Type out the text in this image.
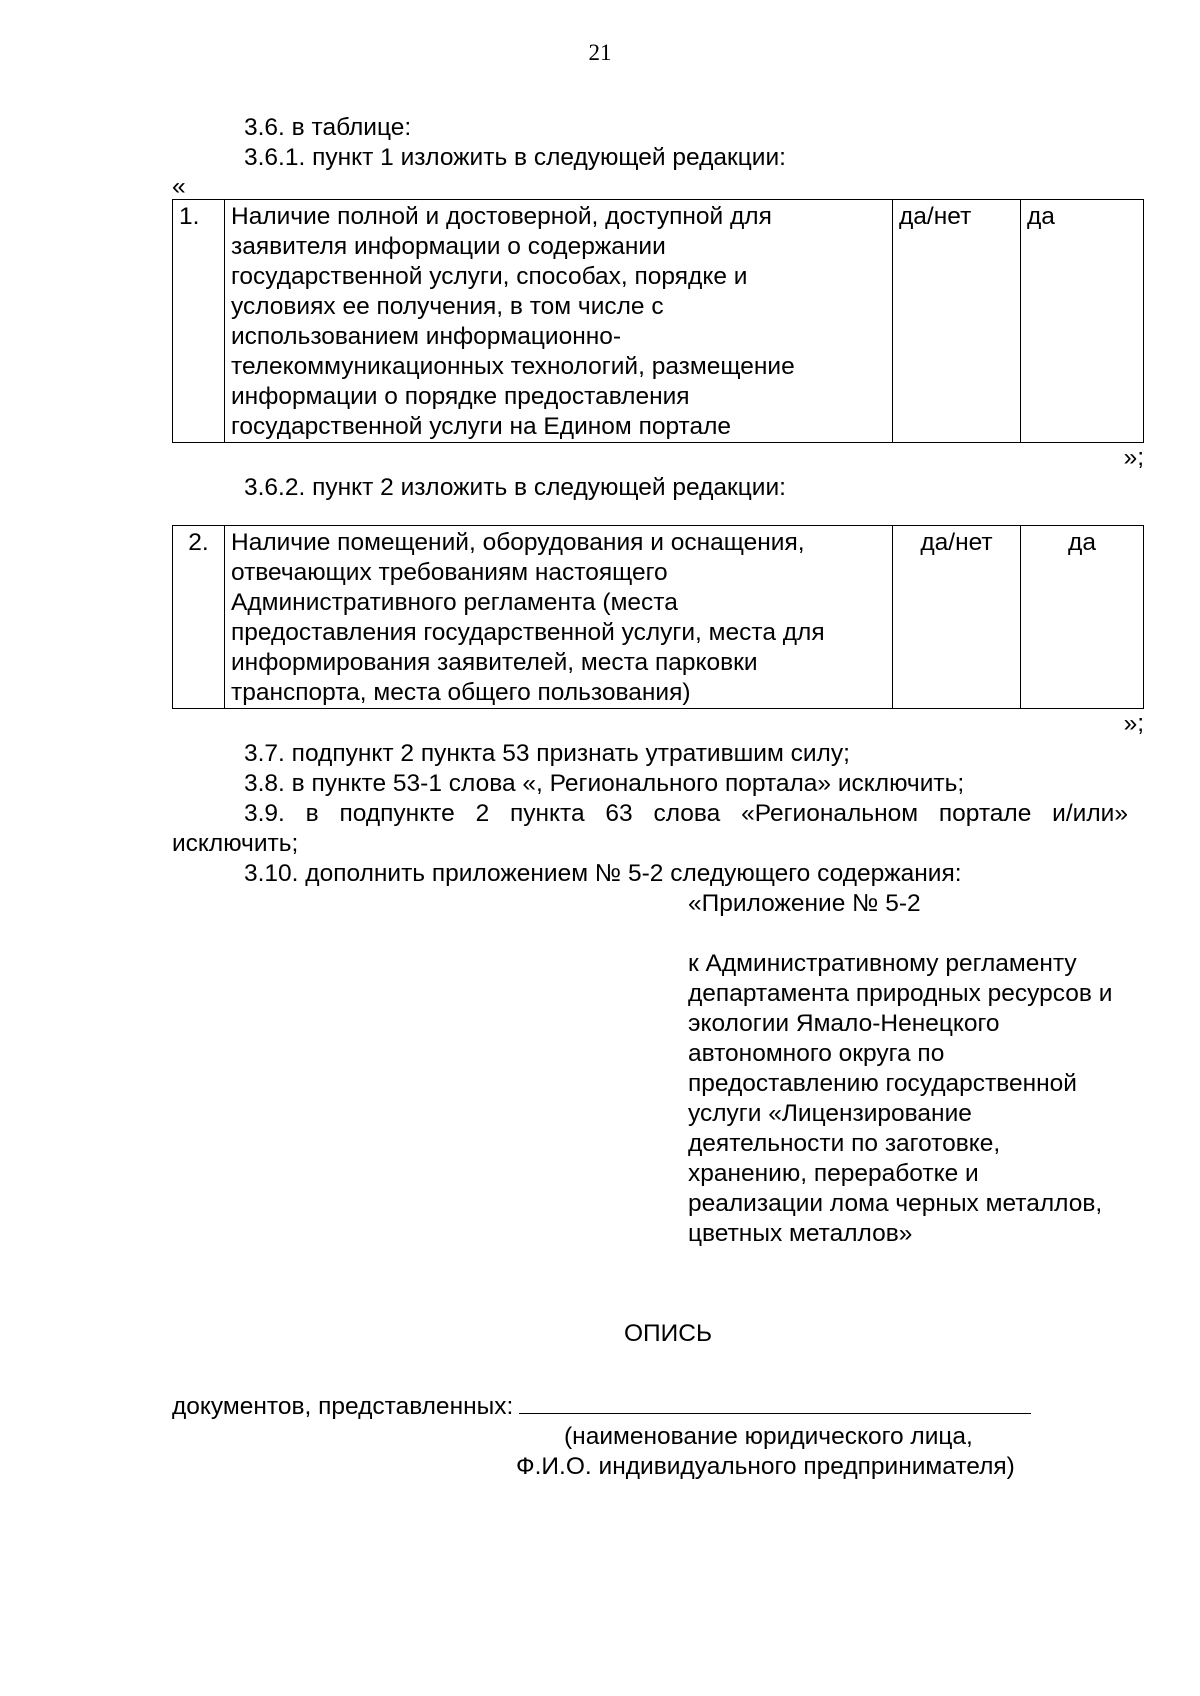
21
3.6. в таблице:
3.6.1. пункт 1 изложить в следующей редакции:
«
1.	Наличие полной и достоверной, доступной для
заявителя информации о содержании
государственной услуги, способах, порядке и
условиях ее получения, в том числе с
использованием информационно-
телекоммуникационных технологий, размещение
информации о порядке предоставления
государственной услуги на Едином портале
	да/нет	да
»;
3.6.2. пункт 2 изложить в следующей редакции:
2.	Наличие помещений, оборудования и оснащения,
отвечающих требованиям настоящего
Административного регламента (места
предоставления государственной услуги, места для
информирования заявителей, места парковки
транспорта, места общего пользования)
	да/нет	да
»;
3.7. подпункт 2 пункта 53 признать утратившим силу;
3.8. в пункте 53-1 слова «, Регионального портала» исключить;
3.9. в подпункте 2 пункта 63 слова «Региональном портале и/или»
исключить;
3.10. дополнить приложением № 5-2 следующего содержания:
«Приложение № 5-2
к Административному регламенту
департамента природных ресурсов и
экологии Ямало-Ненецкого
автономного округа по
предоставлению государственной
услуги «Лицензирование
деятельности по заготовке,
хранению, переработке и
реализации лома черных металлов,
цветных металлов»
ОПИСЬ
документов, представленных:
(наименование юридического лица,
Ф.И.О. индивидуального предпринимателя)
